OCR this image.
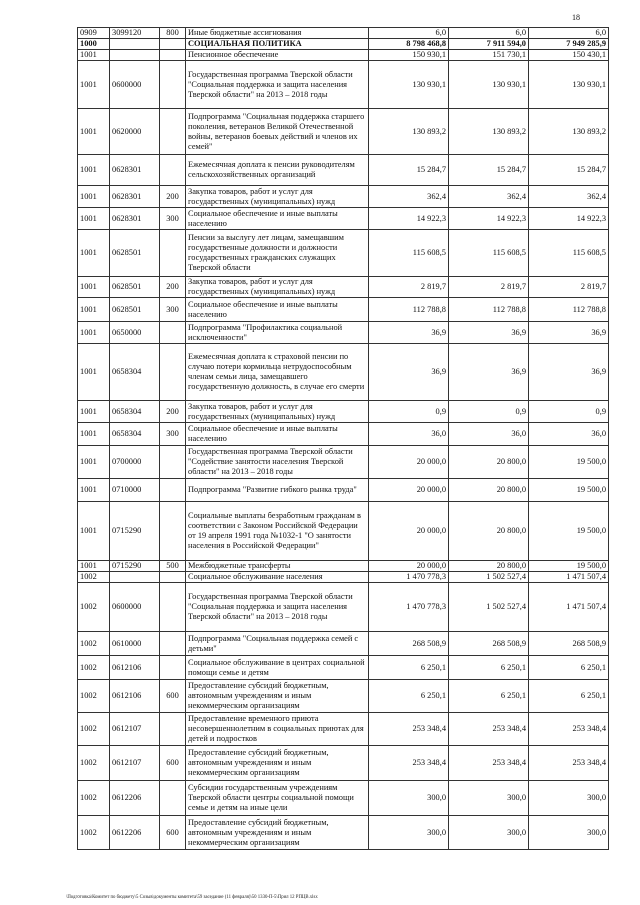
18
0909	3099120	800	Иные бюджетные ассигнования	6,0	6,0	6,0
1000			СОЦИАЛЬНАЯ ПОЛИТИКА	8 798 468,8	7 911 594,0	7 949 285,9
1001			Пенсионное обеспечение	150 930,1	151 730,1	150 430,1
1001	0600000		Государственная программа Тверской области "Социальная поддержка и защита населения Тверской области" на 2013 – 2018 годы	130 930,1	130 930,1	130 930,1
1001	0620000		Подпрограмма "Социальная поддержка старшего поколения, ветеранов Великой Отечественной войны, ветеранов боевых действий и членов их семей"	130 893,2	130 893,2	130 893,2
1001	0628301		Ежемесячная доплата к пенсии руководителям сельскохозяйственных организаций	15 284,7	15 284,7	15 284,7
1001	0628301	200	Закупка товаров, работ и услуг для государственных (муниципальных) нужд	362,4	362,4	362,4
1001	0628301	300	Социальное обеспечение и иные выплаты населению	14 922,3	14 922,3	14 922,3
1001	0628501		Пенсии за выслугу лет лицам, замещавшим государственные должности и должности государственных гражданских служащих Тверской области	115 608,5	115 608,5	115 608,5
1001	0628501	200	Закупка товаров, работ и услуг для государственных (муниципальных) нужд	2 819,7	2 819,7	2 819,7
1001	0628501	300	Социальное обеспечение и иные выплаты населению	112 788,8	112 788,8	112 788,8
1001	0650000		Подпрограмма "Профилактика социальной исключенности"	36,9	36,9	36,9
1001	0658304		Ежемесячная доплата к страховой пенсии по случаю потери кормильца нетрудоспособным членам семьи лица, замещавшего государственную должность, в случае его смерти	36,9	36,9	36,9
1001	0658304	200	Закупка товаров, работ и услуг для государственных (муниципальных) нужд	0,9	0,9	0,9
1001	0658304	300	Социальное обеспечение и иные выплаты населению	36,0	36,0	36,0
1001	0700000		Государственная программа Тверской области "Содействие занятости населения Тверской области" на 2013 – 2018 годы	20 000,0	20 800,0	19 500,0
1001	0710000		Подпрограмма "Развитие гибкого рынка труда"	20 000,0	20 800,0	19 500,0
1001	0715290		Социальные выплаты безработным гражданам в соответствии с Законом Российской Федерации от 19 апреля 1991 года №1032-1 "О занятости населения в Российской Федерации"	20 000,0	20 800,0	19 500,0
1001	0715290	500	Межбюджетные трансферты	20 000,0	20 800,0	19 500,0
1002			Социальное обслуживание населения	1 470 778,3	1 502 527,4	1 471 507,4
1002	0600000		Государственная программа Тверской области "Социальная поддержка и защита населения Тверской области" на 2013 – 2018 годы	1 470 778,3	1 502 527,4	1 471 507,4
1002	0610000		Подпрограмма "Социальная поддержка семей с детьми"	268 508,9	268 508,9	268 508,9
1002	0612106		Социальное обслуживание в центрах социальной помощи семье и детям	6 250,1	6 250,1	6 250,1
1002	0612106	600	Предоставление субсидий бюджетным, автономным учреждениям и иным некоммерческим организациям	6 250,1	6 250,1	6 250,1
1002	0612107		Предоставление временного приюта несовершеннолетним в социальных приютах для детей и подростков	253 348,4	253 348,4	253 348,4
1002	0612107	600	Предоставление субсидий бюджетным, автономным учреждениям и иным некоммерческим организациям	253 348,4	253 348,4	253 348,4
1002	0612206		Субсидии государственным учреждениям Тверской области центры социальной помощи семье и детям на иные цели	300,0	300,0	300,0
1002	0612206	600	Предоставление субсидий бюджетным, автономным учреждениям и иным некоммерческим организациям	300,0	300,0	300,0
\Подготовка\Комитет по бюджету\5 Созыв\документы комитета\59 заседание (11 февраля)\50 1330-П-5\Прил 12 РПЦВ.xlsx
